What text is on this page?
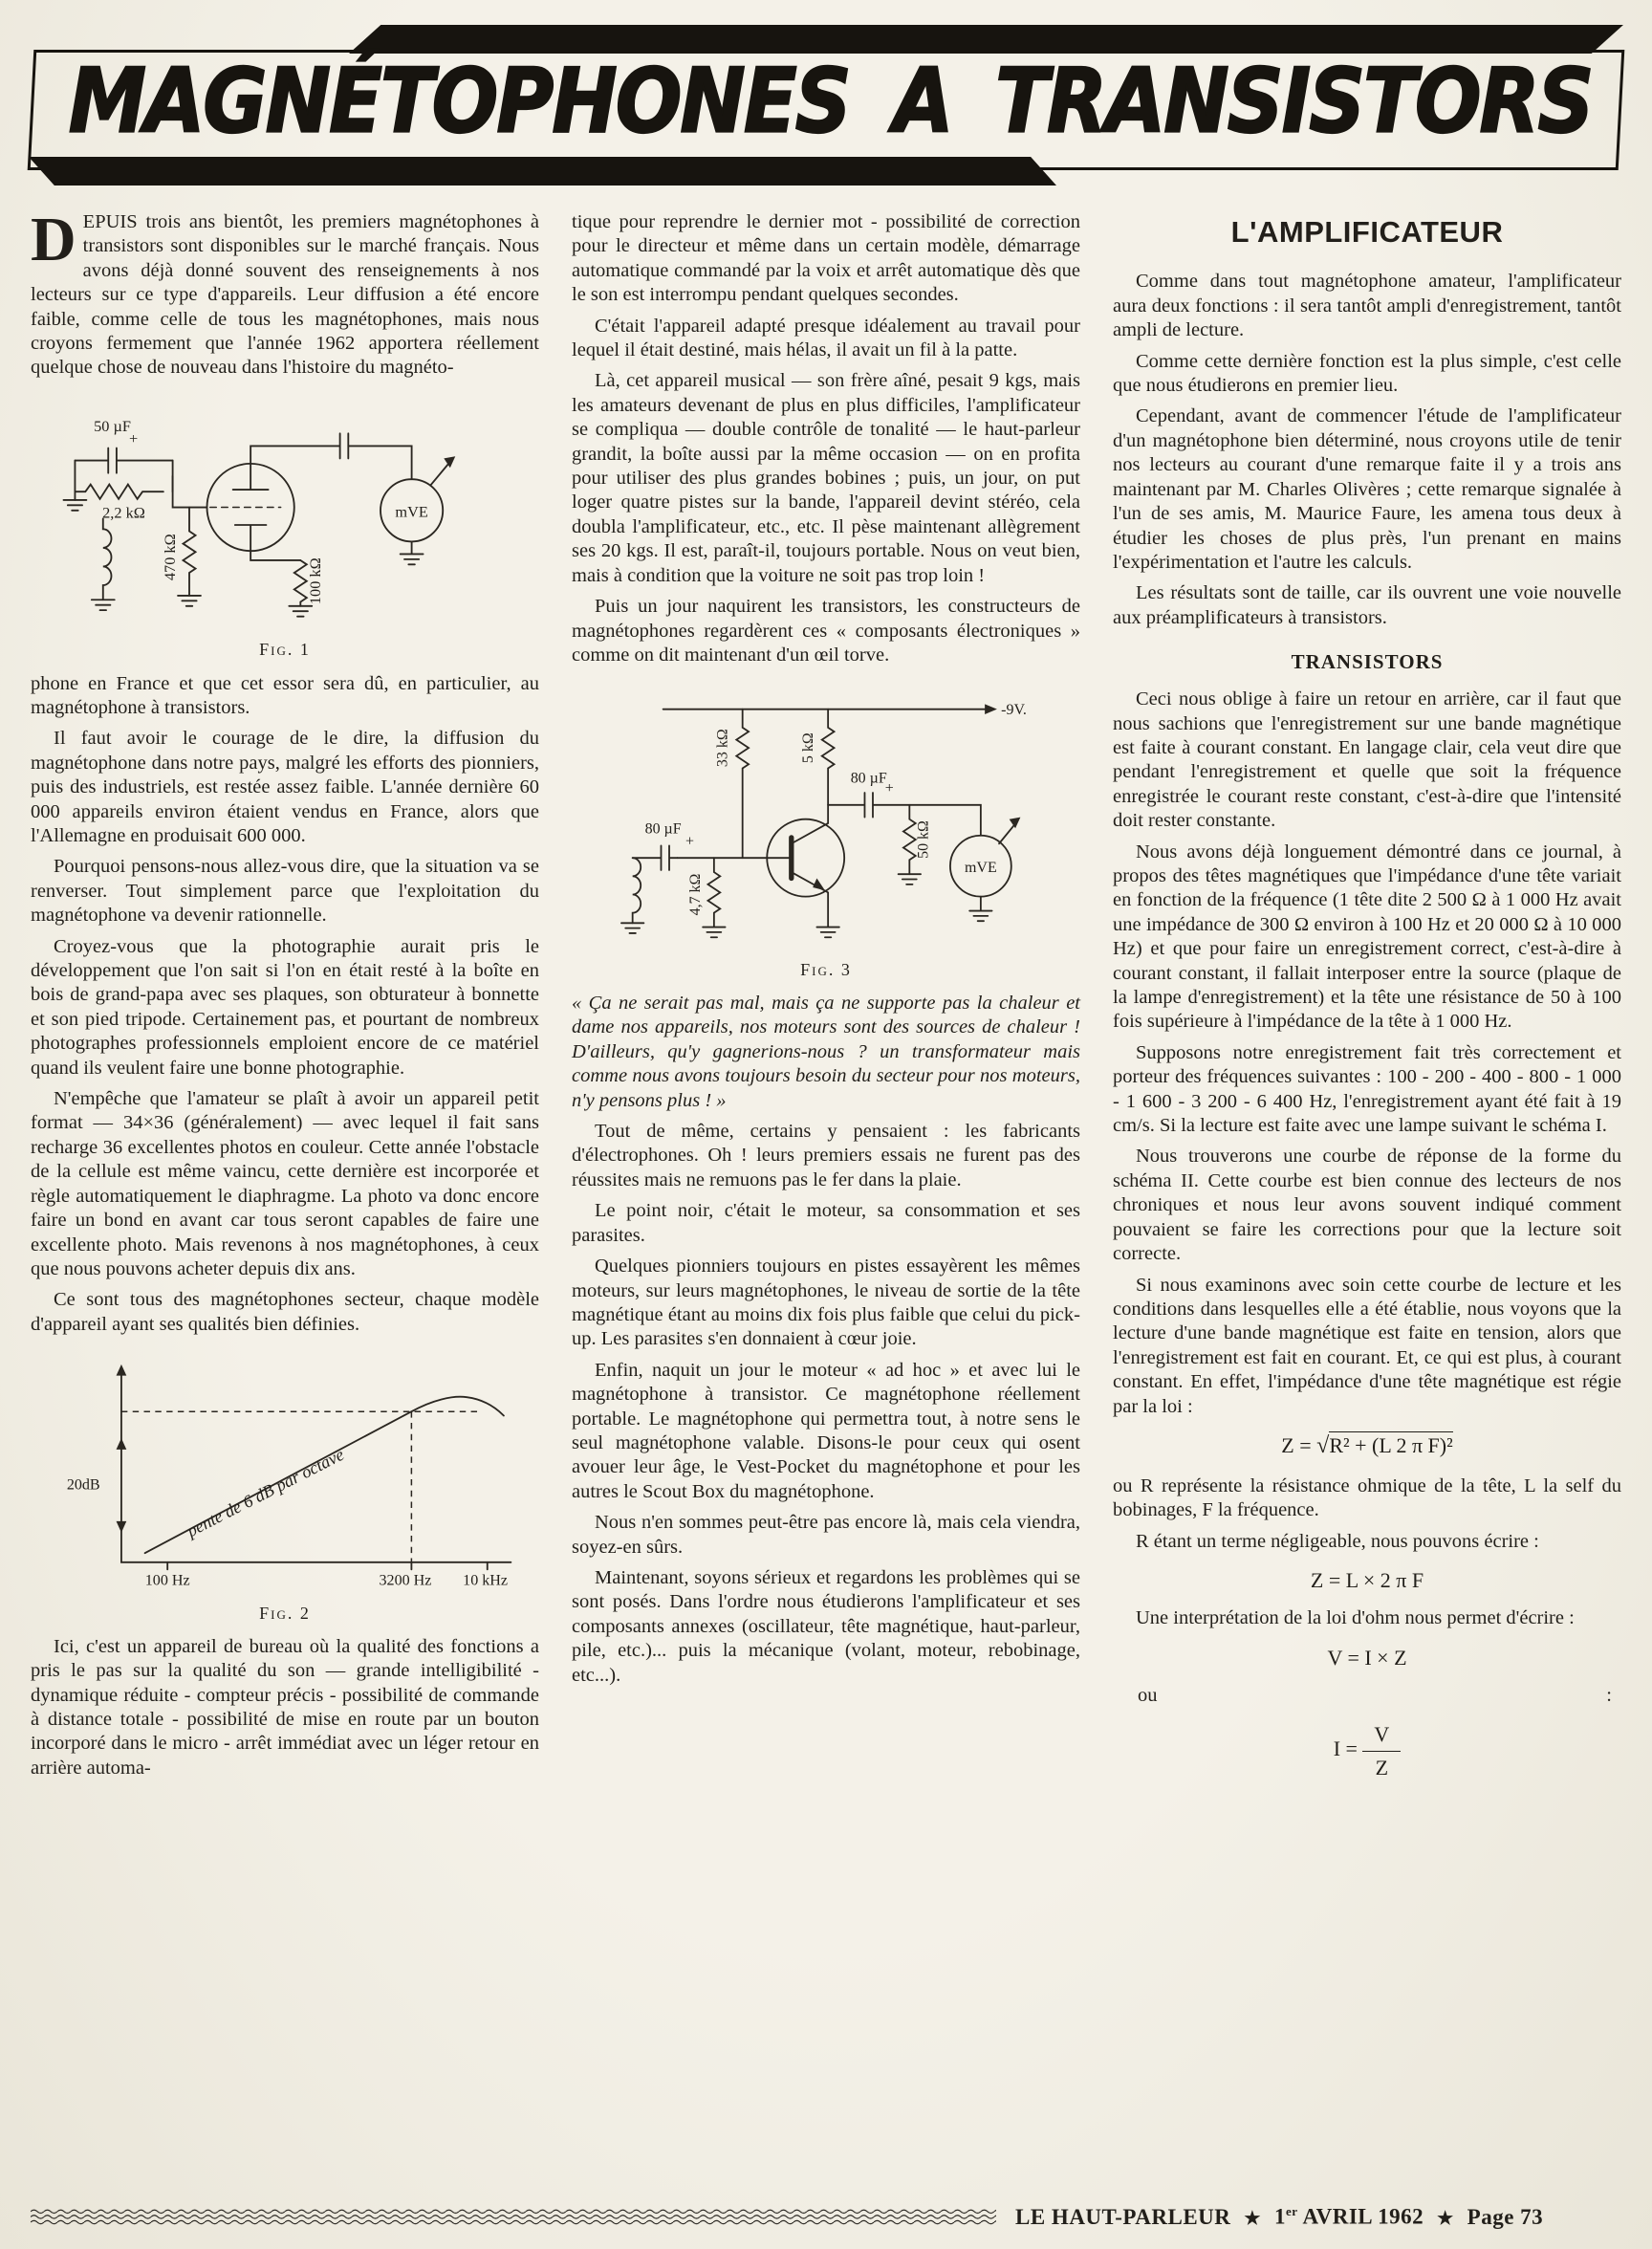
MAGNÉTOPHONES A TRANSISTORS

DEPUIS trois ans bientôt, les premiers magnétophones à transistors sont disponibles sur le marché français. Nous avons déjà donné souvent des renseignements à nos lecteurs sur ce type d'appareils. Leur diffusion a été encore faible, comme celle de tous les magnétophones, mais nous croyons fermement que l'année 1962 apportera réellement quelque chose de nouveau dans l'histoire du magnéto-

50 µF
+
2,2 kΩ
470 kΩ
100 kΩ
mVE
Fig. 1

phone en France et que cet essor sera dû, en particulier, au magnétophone à transistors.

Il faut avoir le courage de le dire, la diffusion du magnétophone dans notre pays, malgré les efforts des pionniers, puis des industriels, est restée assez faible. L'année dernière 60 000 appareils environ étaient vendus en France, alors que l'Allemagne en produisait 600 000.

Pourquoi pensons-nous allez-vous dire, que la situation va se renverser. Tout simplement parce que l'exploitation du magnétophone va devenir rationnelle.

Croyez-vous que la photographie aurait pris le développement que l'on sait si l'on en était resté à la boîte en bois de grand-papa avec ses plaques, son obturateur à bonnette et son pied tripode. Certainement pas, et pourtant de nombreux photographes professionnels emploient encore de ce matériel quand ils veulent faire une bonne photographie.

N'empêche que l'amateur se plaît à avoir un appareil petit format — 34×36 (généralement) — avec lequel il fait sans recharge 36 excellentes photos en couleur. Cette année l'obstacle de la cellule est même vaincu, cette dernière est incorporée et règle automatiquement le diaphragme. La photo va donc encore faire un bond en avant car tous seront capables de faire une excellente photo. Mais revenons à nos magnétophones, à ceux que nous pouvons acheter depuis dix ans.

Ce sont tous des magnétophones secteur, chaque modèle d'appareil ayant ses qualités bien définies.

20dB	pente de 6 dB par octave
100 Hz	3200 Hz 10 kHz
Fig. 2

Ici, c'est un appareil de bureau où la qualité des fonctions a pris le pas sur la qualité du son — grande intelligibilité - dynamique réduite - compteur précis - possibilité de commande à distance totale - possibilité de mise en route par un bouton incorporé dans le micro - arrêt immédiat avec un léger retour en arrière automa-

tique pour reprendre le dernier mot - possibilité de correction pour le directeur et même dans un certain modèle, démarrage automatique commandé par la voix et arrêt automatique dès que le son est interrompu pendant quelques secondes.

C'était l'appareil adapté presque idéalement au travail pour lequel il était destiné, mais hélas, il avait un fil à la patte.

Là, cet appareil musical — son frère aîné, pesait 9 kgs, mais les amateurs devenant de plus en plus difficiles, l'amplificateur se compliqua — double contrôle de tonalité — le haut-parleur grandit, la boîte aussi par la même occasion — on en profita pour utiliser des plus grandes bobines ; puis, un jour, on put loger quatre pistes sur la bande, l'appareil devint stéréo, cela doubla l'amplificateur, etc., etc. Il pèse maintenant allègrement ses 20 kgs. Il est, paraît-il, toujours portable. Nous on veut bien, mais à condition que la voiture ne soit pas trop loin !

Puis un jour naquirent les transistors, les constructeurs de magnétophones regardèrent ces « composants électroniques » comme on dit maintenant d'un œil torve.

-9V.
33 kΩ	5 kΩ
80 µF
+
80 µF
+
4,7 kΩ
50 kΩ
mVE
Fig. 3

« Ça ne serait pas mal, mais ça ne supporte pas la chaleur et dame nos appareils, nos moteurs sont des sources de chaleur ! D'ailleurs, qu'y gagnerions-nous ? un transformateur mais comme nous avons toujours besoin du secteur pour nos moteurs, n'y pensons plus ! »

Tout de même, certains y pensaient : les fabricants d'électrophones. Oh ! leurs premiers essais ne furent pas des réussites mais ne remuons pas le fer dans la plaie.

Le point noir, c'était le moteur, sa consommation et ses parasites.

Quelques pionniers toujours en pistes essayèrent les mêmes moteurs, sur leurs magnétophones, le niveau de sortie de la tête magnétique étant au moins dix fois plus faible que celui du pick-up. Les parasites s'en donnaient à cœur joie.

Enfin, naquit un jour le moteur « ad hoc » et avec lui le magnétophone à transistor. Ce magnétophone réellement portable. Le magnétophone qui permettra tout, à notre sens le seul magnétophone valable. Disons-le pour ceux qui osent avouer leur âge, le Vest-Pocket du magnétophone et pour les autres le Scout Box du magnétophone.

Nous n'en sommes peut-être pas encore là, mais cela viendra, soyez-en sûrs.

Maintenant, soyons sérieux et regardons les problèmes qui se sont posés. Dans l'ordre nous étudierons l'amplificateur et ses composants annexes (oscillateur, tête magnétique, haut-parleur, pile, etc.)... puis la mécanique (volant, moteur, rebobinage, etc...).

L'AMPLIFICATEUR

Comme dans tout magnétophone amateur, l'amplificateur aura deux fonctions : il sera tantôt ampli d'enregistrement, tantôt ampli de lecture.

Comme cette dernière fonction est la plus simple, c'est celle que nous étudierons en premier lieu.

Cependant, avant de commencer l'étude de l'amplificateur d'un magnétophone bien déterminé, nous croyons utile de tenir nos lecteurs au courant d'une remarque faite il y a trois ans maintenant par M. Charles Olivères ; cette remarque signalée à l'un de ses amis, M. Maurice Faure, les amena tous deux à étudier les choses de plus près, l'un prenant en mains l'expérimentation et l'autre les calculs.

Les résultats sont de taille, car ils ouvrent une voie nouvelle aux préamplificateurs à transistors.

TRANSISTORS

Ceci nous oblige à faire un retour en arrière, car il faut que nous sachions que l'enregistrement sur une bande magnétique est faite à courant constant. En langage clair, cela veut dire que pendant l'enregistrement et quelle que soit la fréquence enregistrée le courant reste constant, c'est-à-dire que l'intensité doit rester constante.

Nous avons déjà longuement démontré dans ce journal, à propos des têtes magnétiques que l'impédance d'une tête variait en fonction de la fréquence (1 tête dite 2 500 Ω à 1 000 Hz avait une impédance de 300 Ω environ à 100 Hz et 20 000 Ω à 10 000 Hz) et que pour faire un enregistrement correct, c'est-à-dire à courant constant, il fallait interposer entre la source (plaque de la lampe d'enregistrement) et la tête une résistance de 50 à 100 fois supérieure à l'impédance de la tête à 1 000 Hz.

Supposons notre enregistrement fait très correctement et porteur des fréquences suivantes : 100 - 200 - 400 - 800 - 1 000 - 1 600 - 3 200 - 6 400 Hz, l'enregistrement ayant été fait à 19 cm/s. Si la lecture est faite avec une lampe suivant le schéma I.

Nous trouverons une courbe de réponse de la forme du schéma II. Cette courbe est bien connue des lecteurs de nos chroniques et nous leur avons souvent indiqué comment pouvaient se faire les corrections pour que la lecture soit correcte.

Si nous examinons avec soin cette courbe de lecture et les conditions dans lesquelles elle a été établie, nous voyons que la lecture d'une bande magnétique est faite en tension, alors que l'enregistrement est fait en courant. Et, ce qui est plus, à courant constant. En effet, l'impédance d'une tête magnétique est régie par la loi :

Z = √R² + (L 2 π F)²

ou R représente la résistance ohmique de la tête, L la self du bobinages, F la fréquence.

R étant un terme négligeable, nous pouvons écrire :

Z = L × 2 π F

Une interprétation de la loi d'ohm nous permet d'écrire :

V = I × Z
ou	:
$I = \frac{V}{Z}$
LE HAUT-PARLEUR ★ 1er AVRIL 1962 ★ Page 73
